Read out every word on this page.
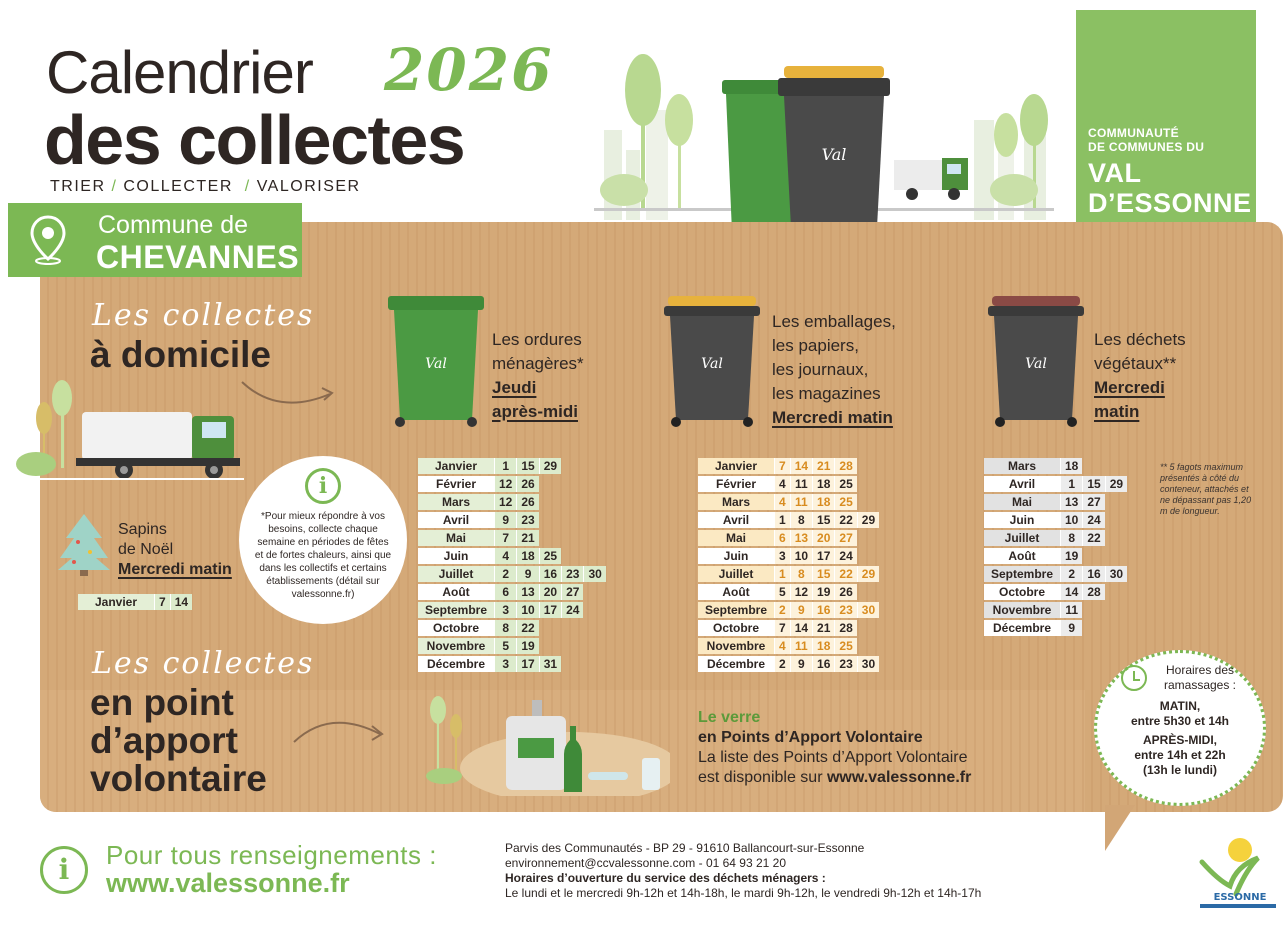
Calendrier 2026
des collectes
TRIER / COLLECTER / VALORISER
Val
COMMUNAUTÉ
DE COMMUNES DU
VAL
D’ESSONNE
Commune de
CHEVANNES
Les collectes
à domicile	Val
Les ordures
ménagères*
Jeudi
après-midi
Val
Les emballages,
les papiers,
les journaux,
les magazines
Mercredi matin
Val
Les déchets
végétaux**
Mercredi
matin
Janvier	1	15	29		
Février	12	26			
Mars	12	26			
Avril	9	23			
Mai	7	21			
Juin	4	18	25		
Juillet	2	9	16	23	30
Août	6	13	20	27	
Septembre	3	10	17	24	
Octobre	8	22			
Novembre	5	19			
Décembre	3	17	31		
Janvier	7	14	21	28	
Février	4	11	18	25	
Mars	4	11	18	25	
Avril	1	8	15	22	29
Mai	6	13	20	27	
Juin	3	10	17	24	
Juillet	1	8	15	22	29
Août	5	12	19	26	
Septembre	2	9	16	23	30
Octobre	7	14	21	28	
Novembre	4	11	18	25	
Décembre	2	9	16	23	30
Mars	18		
Avril	1	15	29
Mai	13	27	
Juin	10	24	
Juillet	8	22	
Août	19		
Septembre	2	16	30
Octobre	14	28	
Novembre	11		
Décembre	9		
** 5 fagots maximum présentés à côté du conteneur, attachés et ne dépassant pas 1,20 m de longueur.
i
*Pour mieux répondre à vos besoins, collecte chaque semaine en périodes de fêtes et de fortes chaleurs, ainsi que dans les collectifs et certains établissements (détail sur valessonne.fr)
Sapins
de Noël
Mercredi matin
Janvier	7	14
Les collectes
en point
d’apport
volontaire
Le verre
en Points d’Apport Volontaire
La liste des Points d’Apport Volontaire
est disponible sur www.valessonne.fr
Horaires des
ramassages :
MATIN,
entre 5h30 et 14h
APRÈS-MIDI,
entre 14h et 22h
(13h le lundi)
i	Pour tous renseignements :
www.valessonne.fr
Parvis des Communautés - BP 29 - 91610 Ballancourt-sur-Essonne
environnement@ccvalessonne.com - 01 64 93 21 20
Horaires d’ouverture du service des déchets ménagers :
Le lundi et le mercredi 9h-12h et 14h-18h, le mardi 9h-12h, le vendredi 9h-12h et 14h-17h	ESSONNE
